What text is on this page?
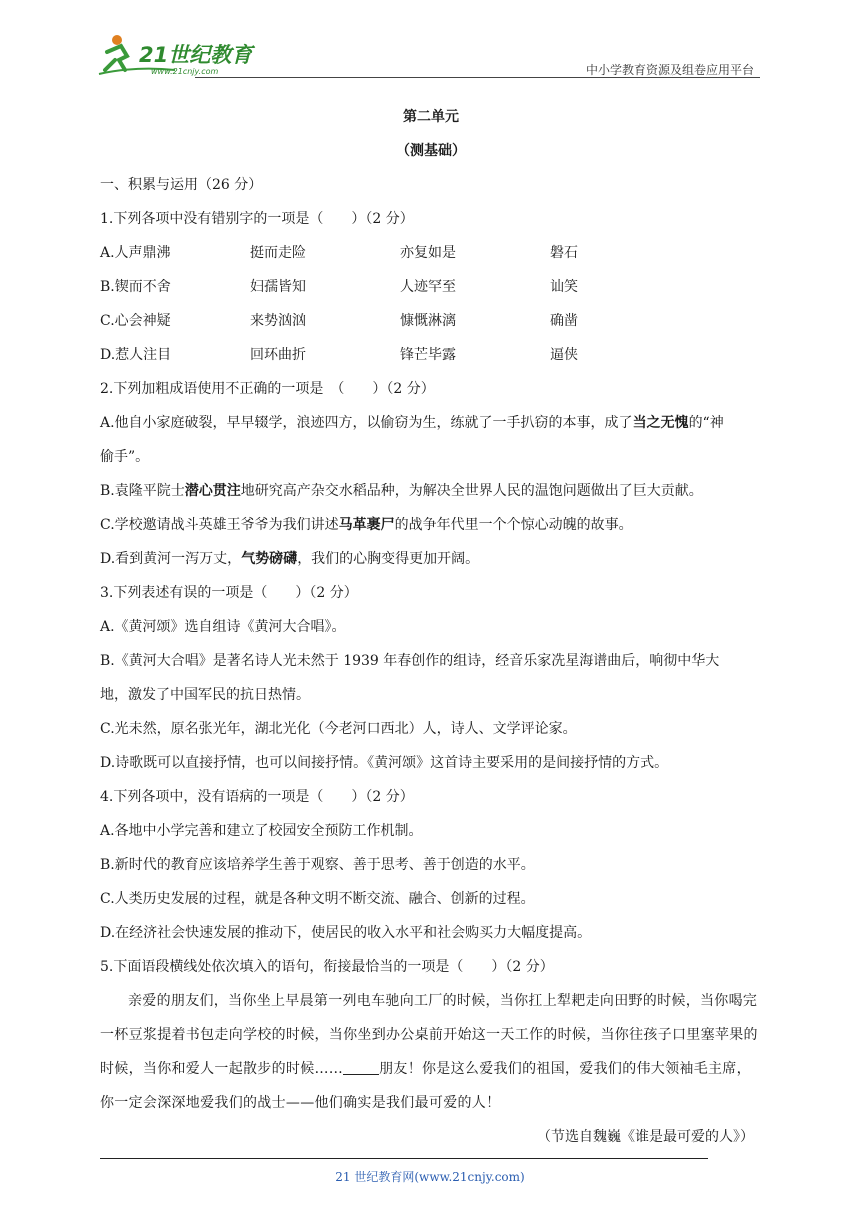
21世纪教育
www.21cnjy.com	中小学教育资源及组卷应用平台
第二单元
（测基础）
一、积累与运用（26 分）
1.下列各项中没有错别字的一项是（　　）（2 分）
A.人声鼎沸	挺而走险	亦复如是	磐石
B.锲而不舍	妇孺皆知	人迹罕至	讪笑
C.心会神疑	来势汹汹	慷慨淋漓	确凿
D.惹人注目	回环曲折	锋芒毕露	逼侠
2.下列加粗成语使用不正确的一项是　（　　）（2 分）
A.他自小家庭破裂，早早辍学，浪迹四方，以偷窃为生，练就了一手扒窃的本事，成了当之无愧的“神
偷手”。
B.袁隆平院士潜心贯注地研究高产杂交水稻品种，为解决全世界人民的温饱问题做出了巨大贡献。
C.学校邀请战斗英雄王爷爷为我们讲述马革裹尸的战争年代里一个个惊心动魄的故事。
D.看到黄河一泻万丈，气势磅礴，我们的心胸变得更加开阔。
3.下列表述有误的一项是（　　）（2 分）
A.《黄河颂》选自组诗《黄河大合唱》。
B.《黄河大合唱》是著名诗人光未然于 1939 年春创作的组诗，经音乐家冼星海谱曲后，响彻中华大
地，激发了中国军民的抗日热情。
C.光未然，原名张光年，湖北光化（今老河口西北）人，诗人、文学评论家。
D.诗歌既可以直接抒情，也可以间接抒情。《黄河颂》这首诗主要采用的是间接抒情的方式。
4.下列各项中，没有语病的一项是（　　）（2 分）
A.各地中小学完善和建立了校园安全预防工作机制。
B.新时代的教育应该培养学生善于观察、善于思考、善于创造的水平。
C.人类历史发展的过程，就是各种文明不断交流、融合、创新的过程。
D.在经济社会快速发展的推动下，使居民的收入水平和社会购买力大幅度提高。
5.下面语段横线处依次填入的语句，衔接最恰当的一项是（　　）（2 分）
亲爱的朋友们，当你坐上早晨第一列电车驰向工厂的时候，当你扛上犁耙走向田野的时候，当你喝完一杯豆浆提着书包走向学校的时候，当你坐到办公桌前开始这一天工作的时候，当你往孩子口里塞苹果的时候，当你和爱人一起散步的时候……	朋友！你是这么爱我们的祖国，爱我们的伟大领袖毛主席，你一定会深深地爱我们的战士——他们确实是我们最可爱的人！
（节选自魏巍《谁是最可爱的人》）
21 世纪教育网(www.21cnjy.com)
